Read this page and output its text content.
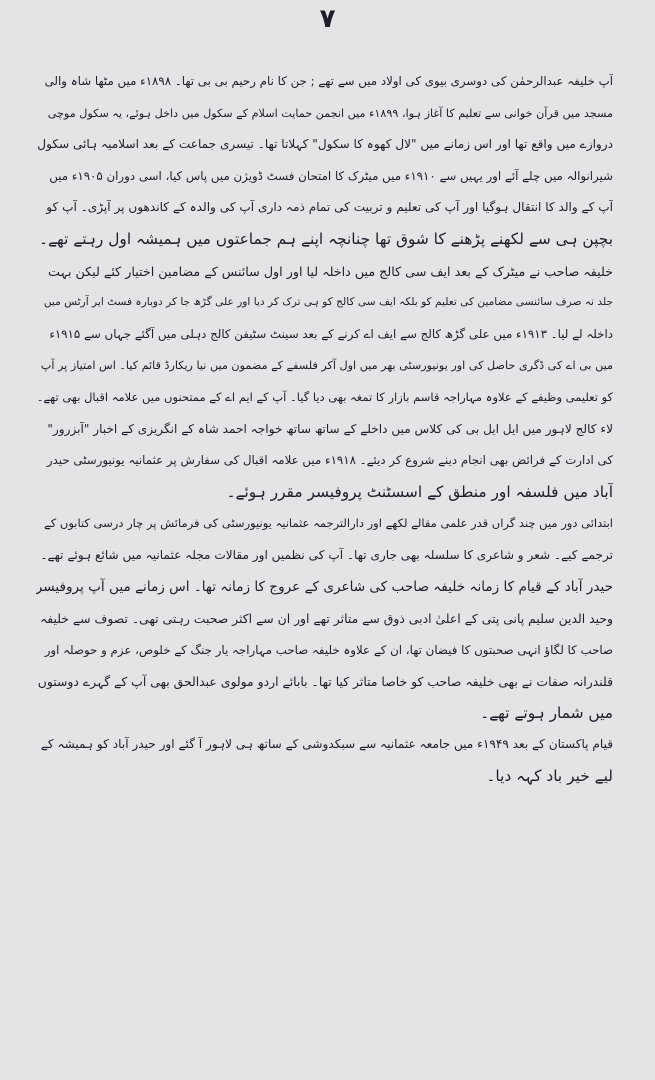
۷
آپ خلیفہ عبدالرحمٰن کی دوسری بیوی کی اولاد میں سے تھے ; جن کا نام رحیم بی بی تھا۔ ۱۸۹۸ء میں مٹھا شاہ والی
مسجد میں قرآن خوانی سے تعلیم کا آغاز ہوا، ۱۸۹۹ء میں انجمن حمایت اسلام کے سکول میں داخل ہوئے، یہ سکول موچی
دروازے میں واقع تھا اور اس زمانے میں "لال کھوہ کا سکول" کہلاتا تھا۔ تیسری جماعت کے بعد اسلامیہ ہائی سکول
شیرانوالہ میں چلے آئے اور یہیں سے ۱۹۱۰ء میں میٹرک کا امتحان فسٹ ڈویژن میں پاس کیا، اسی دوران ۱۹۰۵ء میں
آپ کے والد کا انتقال ہوگیا اور آپ کی تعلیم و تربیت کی تمام ذمہ داری آپ کی والدہ کے کاندھوں پر آپڑی۔ آپ کو
بچپن ہی سے لکھنے پڑھنے کا شوق تھا چنانچہ اپنے ہم جماعتوں میں ہمیشہ اول رہتے تھے۔
خلیفہ صاحب نے میٹرک کے بعد ایف سی کالج میں داخلہ لیا اور اول سائنس کے مضامین اختیار کئے لیکن بہت
جلد نہ صرف سائنسی مضامین کی تعلیم کو بلکہ ایف سی کالج کو ہی ترک کر دیا اور علی گڑھ جا کر دوبارہ فسٹ ایر آرٹس میں
داخلہ لے لیا۔ ۱۹۱۳ء میں علی گڑھ کالج سے ایف اے کرنے کے بعد سینٹ سٹیفن کالج دہلی میں آگئے جہاں سے ۱۹۱۵ء
میں بی اے کی ڈگری حاصل کی اور یونیورسٹی بھر میں اول آکر فلسفے کے مضمون میں نیا ریکارڈ قائم کیا۔ اس امتیاز پر آپ
کو تعلیمی وظیفے کے علاوہ مہاراجہ قاسم بازار کا تمغہ بھی دیا گیا۔ آپ کے ایم اے کے ممتحنوں میں علامہ اقبال بھی تھے۔
لاء کالج لاہور میں ایل ایل بی کی کلاس میں داخلے کے ساتھ ساتھ خواجہ احمد شاہ کے انگریزی کے اخبار "آبزرور"
کی ادارت کے فرائض بھی انجام دینے شروع کر دیئے۔ ۱۹۱۸ء میں علامہ اقبال کی سفارش پر عثمانیہ یونیورسٹی حیدر
آباد میں فلسفہ اور منطق کے اسسٹنٹ پروفیسر مقرر ہوئے۔
ابتدائی دور میں چند گراں قدر علمی مقالے لکھے اور دارالترجمہ عثمانیہ یونیورسٹی کی فرمائش پر چار درسی کتابوں کے
ترجمے کیے۔ شعر و شاعری کا سلسلہ بھی جاری تھا۔ آپ کی نظمیں اور مقالات مجلہ عثمانیہ میں شائع ہوئے تھے۔
حیدر آباد کے قیام کا زمانہ خلیفہ صاحب کی شاعری کے عروج کا زمانہ تھا۔ اس زمانے میں آپ پروفیسر
وحید الدین سلیم پانی پتی کے اعلیٰ ادبی ذوق سے متاثر تھے اور ان سے اکثر صحبت رہتی تھی۔ تصوف سے خلیفہ
صاحب کا لگاؤ انہی صحبتوں کا فیضان تھا، ان کے علاوہ خلیفہ صاحب مہاراجہ یار جنگ کے خلوص، عزم و حوصلہ اور
قلندرانہ صفات نے بھی خلیفہ صاحب کو خاصا متاثر کیا تھا۔ بابائے اردو مولوی عبدالحق بھی آپ کے گہرے دوستوں
میں شمار ہوتے تھے۔
قیام پاکستان کے بعد ۱۹۴۹ء میں جامعہ عثمانیہ سے سبکدوشی کے ساتھ ہی لاہور آ گئے اور حیدر آباد کو ہمیشہ کے
لیے خیر باد کہہ دیا۔
